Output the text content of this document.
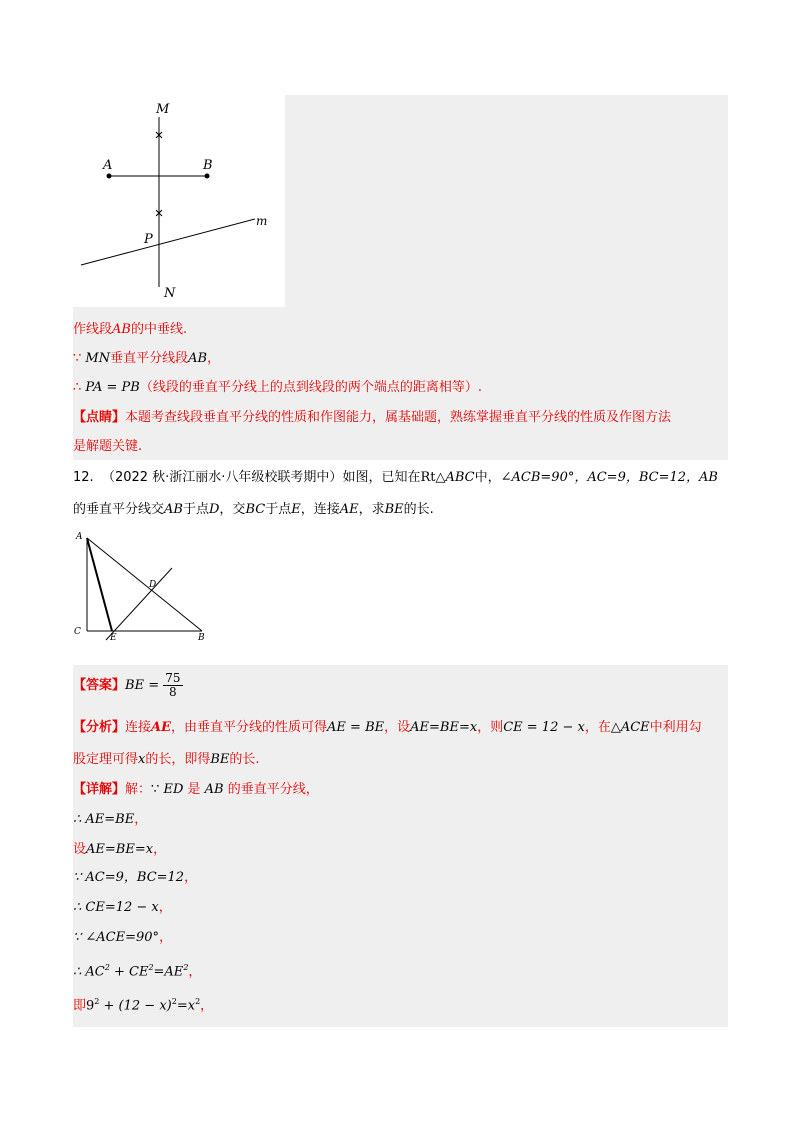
M
A	B
P
m
N
作线段AB的中垂线.
∵ MN垂直平分线段AB，
∴ PA = PB（线段的垂直平分线上的点到线段的两个端点的距离相等）.
【点睛】本题考查线段垂直平分线的性质和作图能力，属基础题，熟练掌握垂直平分线的性质及作图方法
是解题关键.
12. （2022 秋·浙江丽水·八年级校联考期中）如图，已知在Rt△ABC中，∠ACB=90°，AC=9，BC=12，AB
的垂直平分线交AB于点D，交BC于点E，连接AE，求BE的长.
A
C
E	B
D
【答案】BE = $\frac{75}{8}$
【分析】连接AE，由垂直平分线的性质可得AE = BE，设AE=BE=x，则CE = 12 − x，在△ACE中利用勾
股定理可得x的长，即得BE的长.
【详解】解：∵ ED 是 AB 的垂直平分线，
∴ AE=BE，
设AE=BE=x，
∵ AC=9，BC=12，
∴ CE=12 − x，
∵ ∠ACE=90°，
∴ $AC^2 + CE^2=AE^2$，
即$9^2 + (12 - x)^2=x^2$，
